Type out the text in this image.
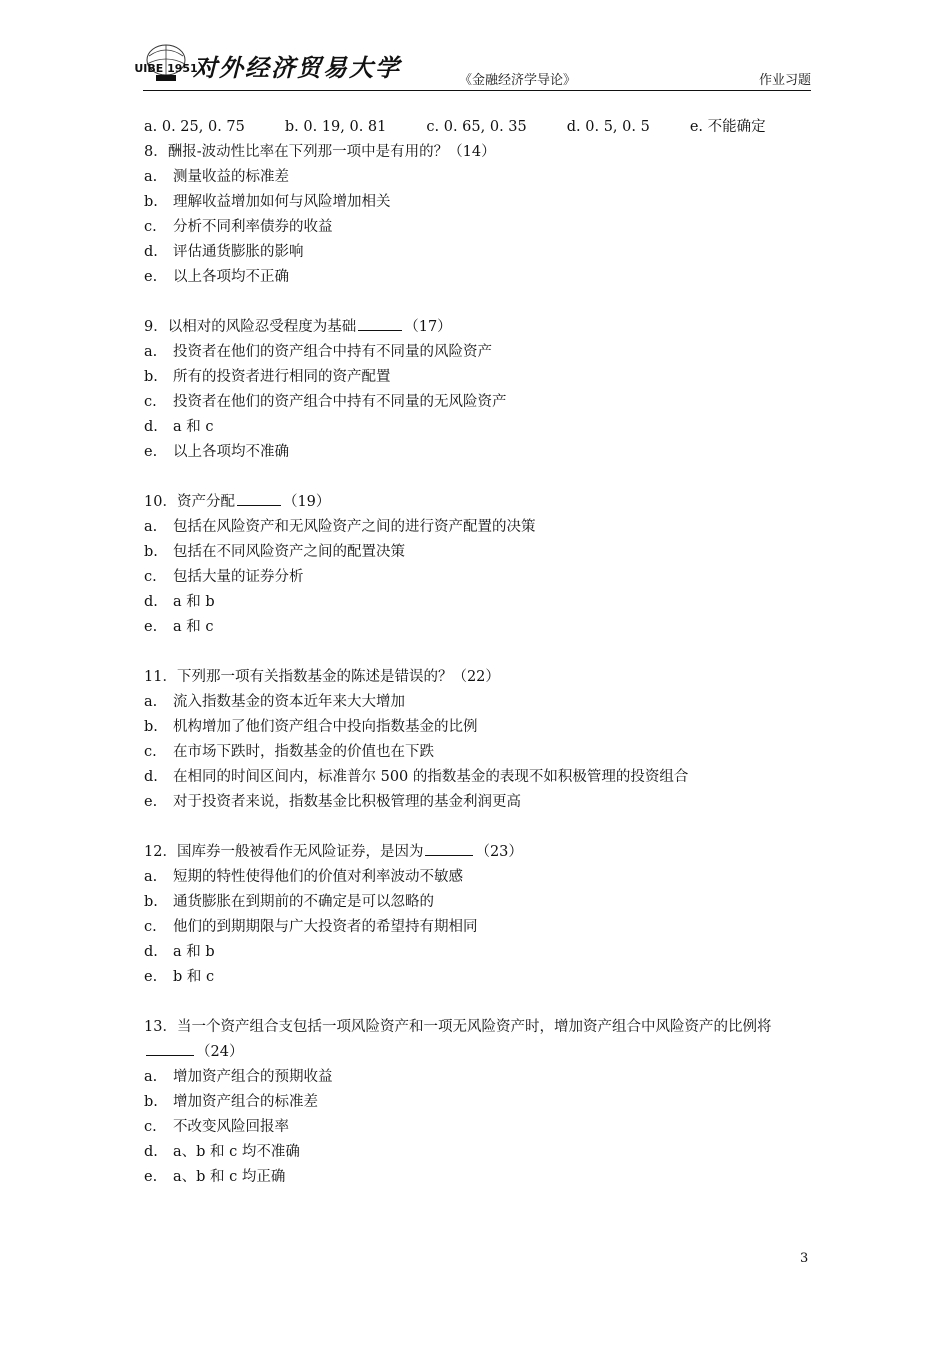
UIBE 1951
对外经济贸易大学	《金融经济学导论》	作业习题
a. 0. 25, 0. 75	b. 0. 19, 0. 81	c. 0. 65, 0. 35	d. 0. 5, 0. 5	e. 不能确定
8．酬报-波动性比率在下列那一项中是有用的？（14）
a.	测量收益的标准差
b.	理解收益增加如何与风险增加相关
c.	分析不同利率债券的收益
d.	评估通货膨胀的影响
e.	以上各项均不正确
9．以相对的风险忍受程度为基础	（17）
a.	投资者在他们的资产组合中持有不同量的风险资产
b.	所有的投资者进行相同的资产配置
c.	投资者在他们的资产组合中持有不同量的无风险资产
d.	a 和 c
e.	以上各项均不准确
10．资产分配	（19）
a.	包括在风险资产和无风险资产之间的进行资产配置的决策
b.	包括在不同风险资产之间的配置决策
c.	包括大量的证券分析
d.	a 和 b
e.	a 和 c
11．下列那一项有关指数基金的陈述是错误的？（22）
a.	流入指数基金的资本近年来大大增加
b.	机构增加了他们资产组合中投向指数基金的比例
c.	在市场下跌时，指数基金的价值也在下跌
d.	在相同的时间区间内，标准普尔 500 的指数基金的表现不如积极管理的投资组合
e.	对于投资者来说，指数基金比积极管理的基金利润更高
12．国库券一般被看作无风险证券，是因为	（23）
a.	短期的特性使得他们的价值对利率波动不敏感
b.	通货膨胀在到期前的不确定是可以忽略的
c.	他们的到期期限与广大投资者的希望持有期相同
d.	a 和 b
e.	b 和 c
13．当一个资产组合支包括一项风险资产和一项无风险资产时，增加资产组合中风险资产的比例将（24）
a.	增加资产组合的预期收益
b.	增加资产组合的标准差
c.	不改变风险回报率
d.	a、b 和 c 均不准确
e.	a、b 和 c 均正确
3
